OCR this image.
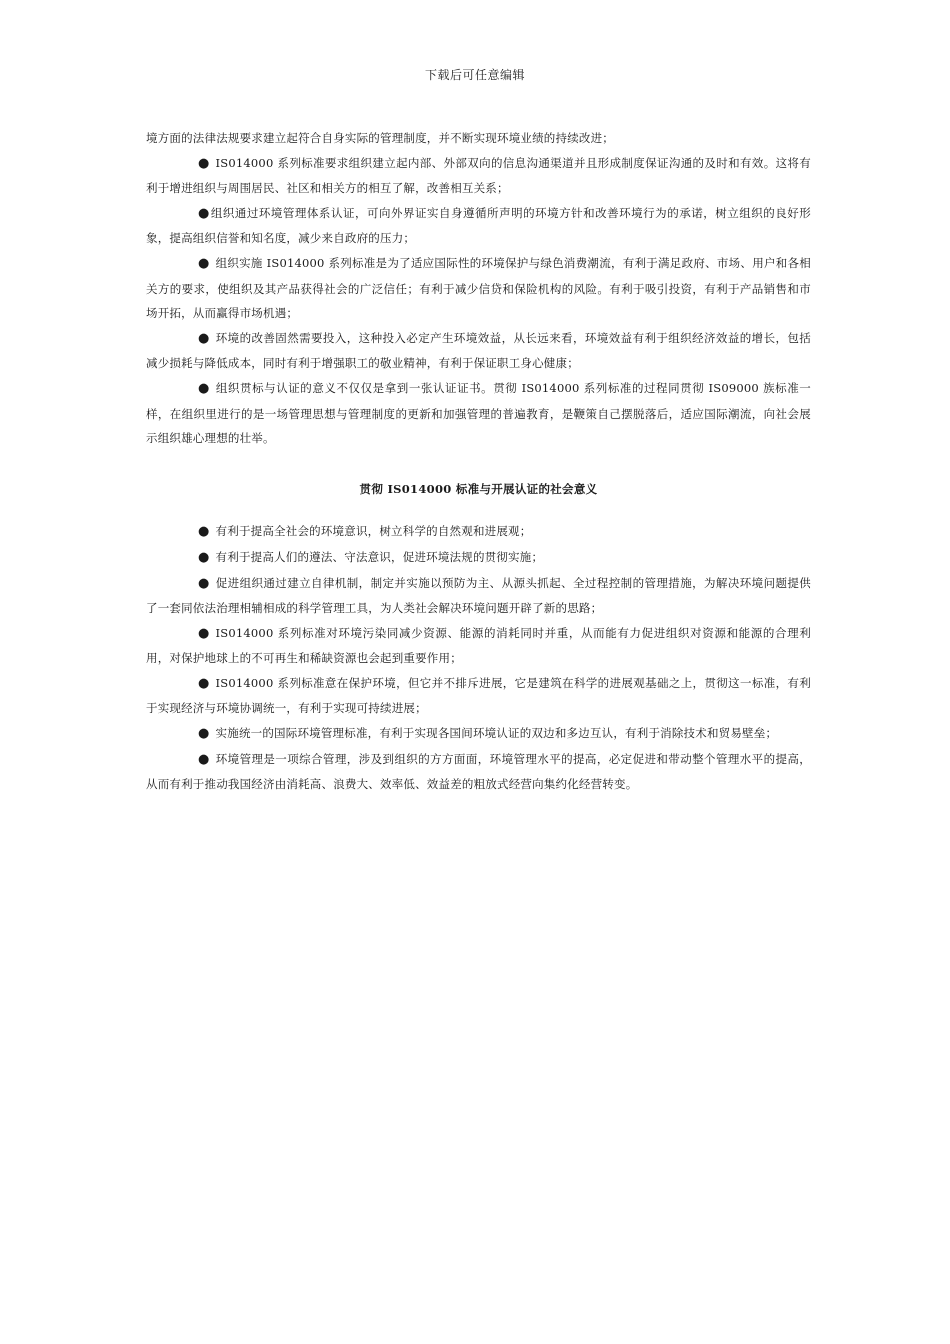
下载后可任意编辑

境方面的法律法规要求建立起符合自身实际的管理制度，并不断实现环境业绩的持续改进；

● IS014000 系列标准要求组织建立起内部、外部双向的信息沟通渠道并且形成制度保证沟通的及时和有效。这将有利于增进组织与周围居民、社区和相关方的相互了解，改善相互关系；

●组织通过环境管理体系认证，可向外界证实自身遵循所声明的环境方针和改善环境行为的承诺，树立组织的良好形象，提高组织信誉和知名度，减少来自政府的压力；

● 组织实施 IS014000 系列标准是为了适应国际性的环境保护与绿色消费潮流，有利于满足政府、市场、用户和各相关方的要求，使组织及其产品获得社会的广泛信任；有利于减少信贷和保险机构的风险。有利于吸引投资，有利于产品销售和市场开拓，从而赢得市场机遇；

● 环境的改善固然需要投入，这种投入必定产生环境效益，从长远来看，环境效益有利于组织经济效益的增长，包括减少损耗与降低成本，同时有利于增强职工的敬业精神，有利于保证职工身心健康；

● 组织贯标与认证的意义不仅仅是拿到一张认证证书。贯彻 IS014000 系列标准的过程同贯彻 IS09000 族标准一样，在组织里进行的是一场管理思想与管理制度的更新和加强管理的普遍教育，是鞭策自己摆脱落后，适应国际潮流，向社会展示组织雄心理想的壮举。

贯彻 IS014000 标准与开展认证的社会意义

● 有利于提高全社会的环境意识，树立科学的自然观和进展观；

● 有利于提高人们的遵法、守法意识，促进环境法规的贯彻实施；

● 促进组织通过建立自律机制，制定并实施以预防为主、从源头抓起、全过程控制的管理措施，为解决环境问题提供了一套同依法治理相辅相成的科学管理工具，为人类社会解决环境问题开辟了新的思路；

● IS014000 系列标准对环境污染同减少资源、能源的消耗同时并重，从而能有力促进组织对资源和能源的合理利用，对保护地球上的不可再生和稀缺资源也会起到重要作用；

● IS014000 系列标准意在保护环境，但它并不排斥进展，它是建筑在科学的进展观基础之上，贯彻这一标准，有利于实现经济与环境协调统一，有利于实现可持续进展；

● 实施统一的国际环境管理标准，有利于实现各国间环境认证的双边和多边互认，有利于消除技术和贸易壁垒；

● 环境管理是一项综合管理，涉及到组织的方方面面，环境管理水平的提高，必定促进和带动整个管理水平的提高，从而有利于推动我国经济由消耗高、浪费大、效率低、效益差的粗放式经营向集约化经营转变。
